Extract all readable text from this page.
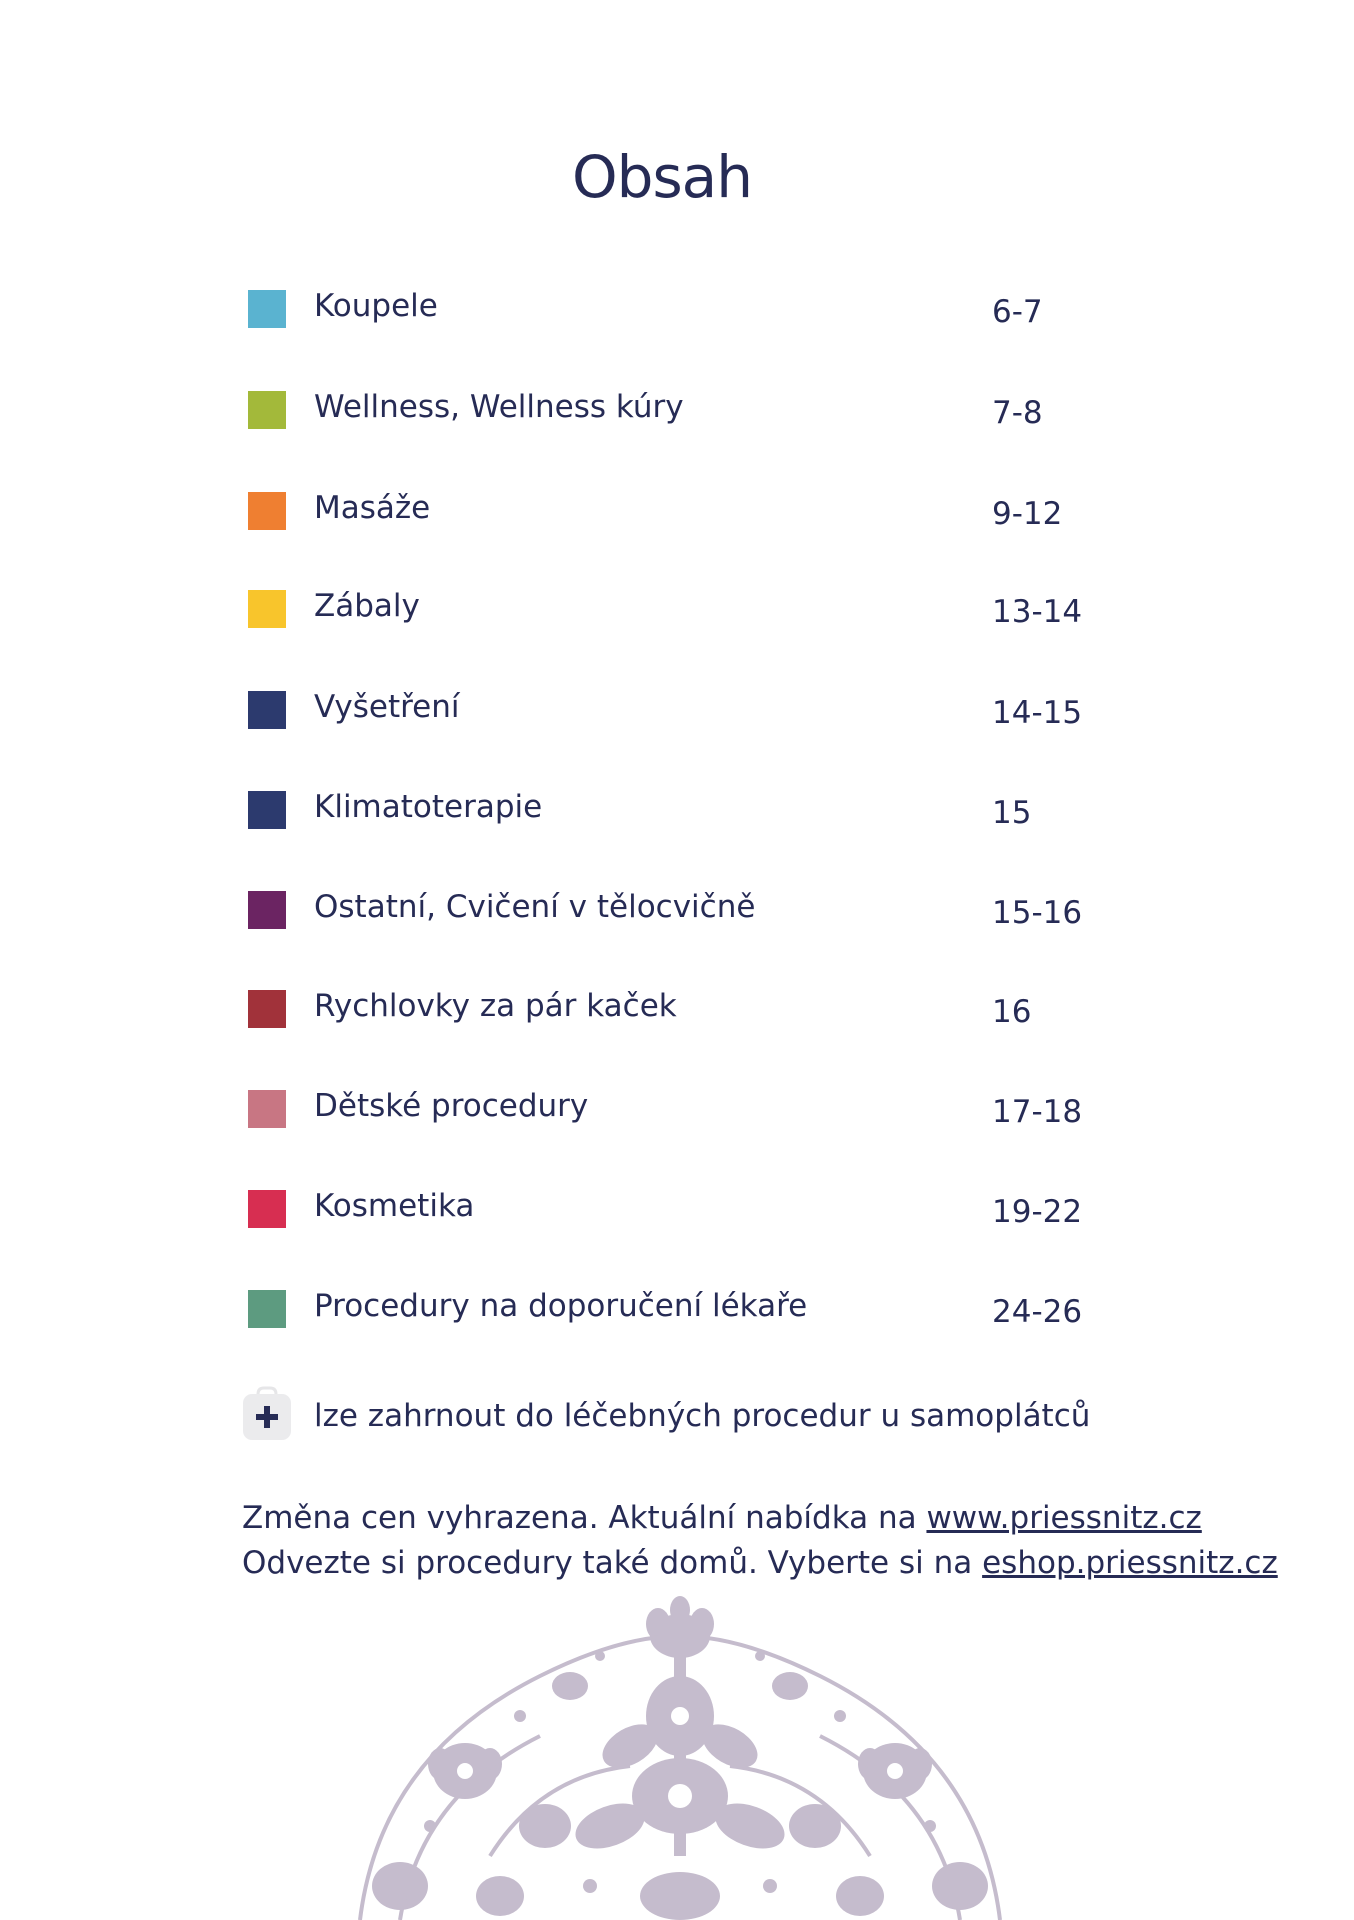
Obsah
Koupele	6-7
Wellness, Wellness kúry	7-8
Masáže	9-12
Zábaly	13-14
Vyšetření	14-15
Klimatoterapie	15
Ostatní, Cvičení v tělocvičně	15-16
Rychlovky za pár kaček	16
Dětské procedury	17-18
Kosmetika	19-22
Procedury na doporučení lékaře	24-26
lze zahrnout do léčebných procedur u samoplátců
Změna cen vyhrazena. Aktuální nabídka na www.priessnitz.cz
Odvezte si procedury také domů. Vyberte si na eshop.priessnitz.cz
